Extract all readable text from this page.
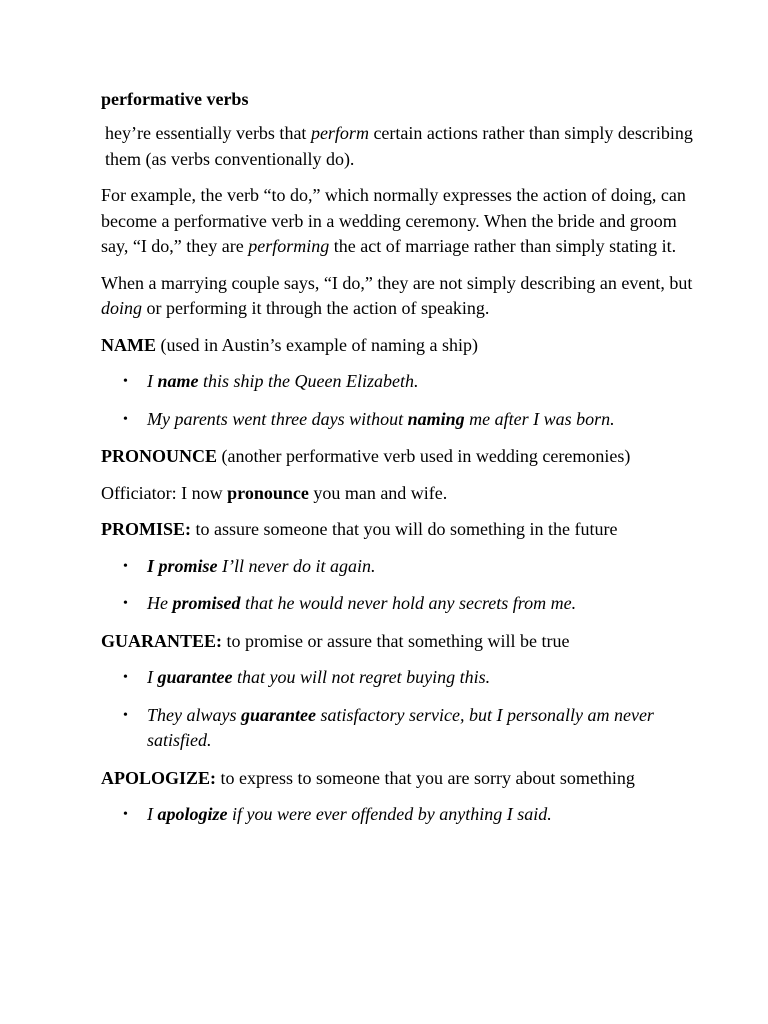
performative verbs

hey’re essentially verbs that perform certain actions rather than simply describing them (as verbs conventionally do).

For example, the verb “to do,” which normally expresses the action of doing, can become a performative verb in a wedding ceremony. When the bride and groom say, “I do,” they are performing the act of marriage rather than simply stating it.

When a marrying couple says, “I do,” they are not simply describing an event, but doing or performing it through the action of speaking.

NAME (used in Austin’s example of naming a ship)

• I name this ship the Queen Elizabeth.
• My parents went three days without naming me after I was born.

PRONOUNCE (another performative verb used in wedding ceremonies)

Officiator: I now pronounce you man and wife.

PROMISE: to assure someone that you will do something in the future

• I promise I’ll never do it again.
• He promised that he would never hold any secrets from me.

GUARANTEE: to promise or assure that something will be true

• I guarantee that you will not regret buying this.
• They always guarantee satisfactory service, but I personally am never satisfied.

APOLOGIZE: to express to someone that you are sorry about something

• I apologize if you were ever offended by anything I said.
